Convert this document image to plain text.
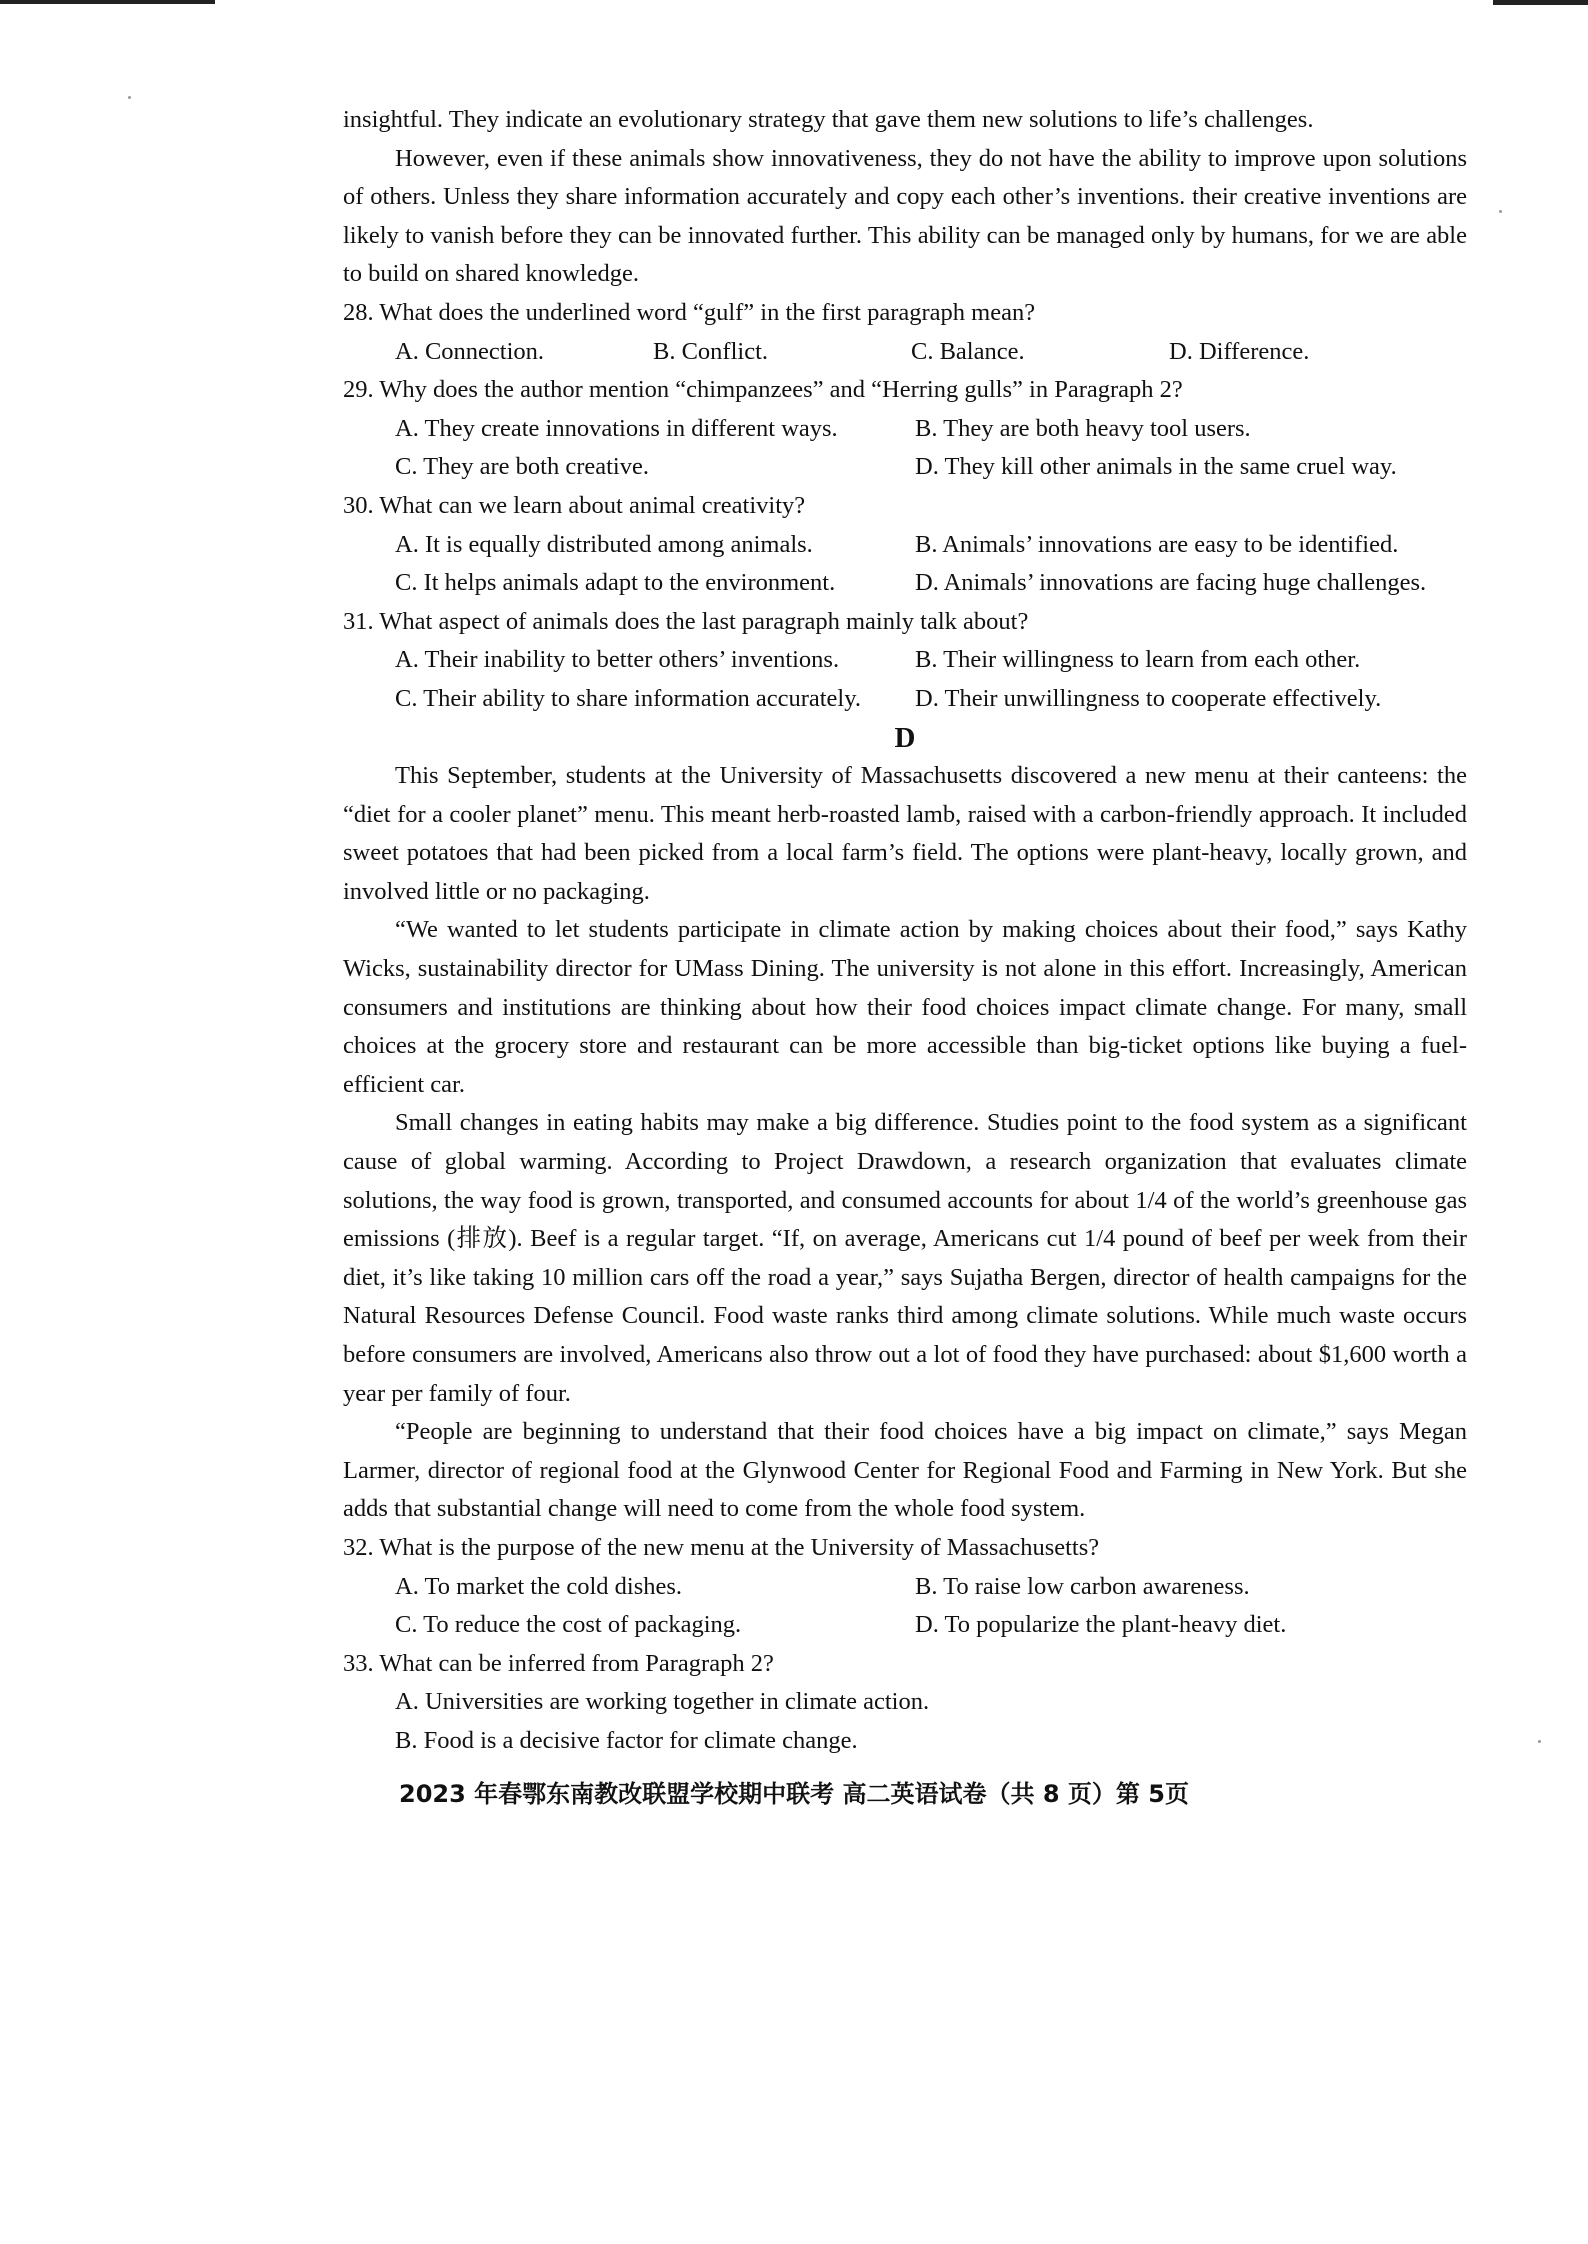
insightful. They indicate an evolutionary strategy that gave them new solutions to life’s challenges.

However, even if these animals show innovativeness, they do not have the ability to improve upon solutions of others. Unless they share information accurately and copy each other’s inventions. their creative inventions are likely to vanish before they can be innovated further. This ability can be managed only by humans, for we are able to build on shared knowledge.

28. What does the underlined word “gulf” in the first paragraph mean?

A. Connection.	B. Conflict.	C. Balance.	D. Difference.

29. Why does the author mention “chimpanzees” and “Herring gulls” in Paragraph 2?

A. They create innovations in different ways.	B. They are both heavy tool users.
C. They are both creative.	D. They kill other animals in the same cruel way.

30. What can we learn about animal creativity?

A. It is equally distributed among animals.	B. Animals’ innovations are easy to be identified.
C. It helps animals adapt to the environment.	D. Animals’ innovations are facing huge challenges.

31. What aspect of animals does the last paragraph mainly talk about?

A. Their inability to better others’ inventions.	B. Their willingness to learn from each other.
C. Their ability to share information accurately.	D. Their unwillingness to cooperate effectively.
D

This September, students at the University of Massachusetts discovered a new menu at their canteens: the “diet for a cooler planet” menu. This meant herb-roasted lamb, raised with a carbon-friendly approach. It included sweet potatoes that had been picked from a local farm’s field. The options were plant-heavy, locally grown, and involved little or no packaging.

“We wanted to let students participate in climate action by making choices about their food,” says Kathy Wicks, sustainability director for UMass Dining. The university is not alone in this effort. Increasingly, American consumers and institutions are thinking about how their food choices impact climate change. For many, small choices at the grocery store and restaurant can be more accessible than big-ticket options like buying a fuel-efficient car.

Small changes in eating habits may make a big difference. Studies point to the food system as a significant cause of global warming. According to Project Drawdown, a research organization that evaluates climate solutions, the way food is grown, transported, and consumed accounts for about 1/4 of the world’s greenhouse gas emissions (排放). Beef is a regular target. “If, on average, Americans cut 1/4 pound of beef per week from their diet, it’s like taking 10 million cars off the road a year,” says Sujatha Bergen, director of health campaigns for the Natural Resources Defense Council. Food waste ranks third among climate solutions. While much waste occurs before consumers are involved, Americans also throw out a lot of food they have purchased: about $1,600 worth a year per family of four.

“People are beginning to understand that their food choices have a big impact on climate,” says Megan Larmer, director of regional food at the Glynwood Center for Regional Food and Farming in New York. But she adds that substantial change will need to come from the whole food system.

32. What is the purpose of the new menu at the University of Massachusetts?

A. To market the cold dishes.	B. To raise low carbon awareness.
C. To reduce the cost of packaging.	D. To popularize the plant-heavy diet.

33. What can be inferred from Paragraph 2?

A. Universities are working together in climate action.
B. Food is a decisive factor for climate change.
2023 年春鄂东南教改联盟学校期中联考 高二英语试卷（共 8 页）第 5页
